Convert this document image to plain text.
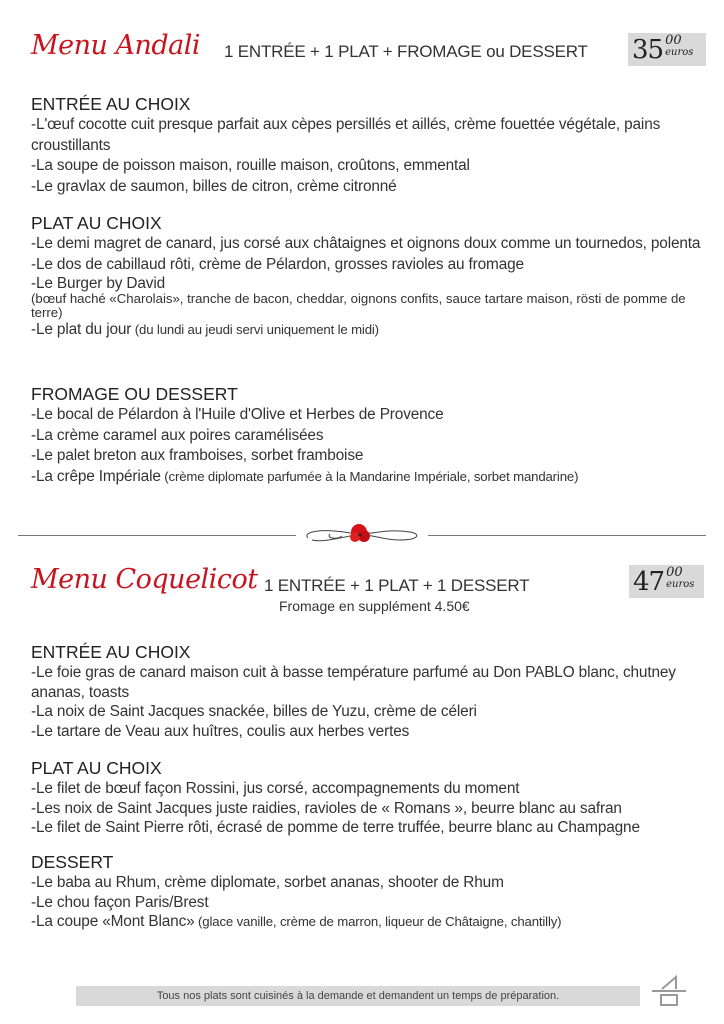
Menu Andali 1 ENTRÉE + 1 PLAT + FROMAGE ou DESSERT 35 00
euros
ENTRÉE AU CHOIX
-L'œuf cocotte cuit presque parfait aux cèpes persillés et aillés, crème fouettée végétale, pains croustillants
-La soupe de poisson maison, rouille maison, croûtons, emmental
-Le gravlax de saumon, billes de citron, crème citronné
PLAT AU CHOIX
-Le demi magret de canard, jus corsé aux châtaignes et oignons doux comme un tournedos, polenta
-Le dos de cabillaud rôti, crème de Pélardon, grosses ravioles au fromage
-Le Burger by David
(bœuf haché «Charolais», tranche de bacon, cheddar, oignons confits, sauce tartare maison, rösti de pomme de terre)
-Le plat du jour (du lundi au jeudi servi uniquement le midi)
FROMAGE OU DESSERT
-Le bocal de Pélardon à l'Huile d'Olive et Herbes de Provence
-La crème caramel aux poires caramélisées
-Le palet breton aux framboises, sorbet framboise
-La crêpe Impériale (crème diplomate parfumée à la Mandarine Impériale, sorbet mandarine)
Menu Coquelicot 1 ENTRÉE + 1 PLAT + 1 DESSERT
Fromage en supplément 4.50€
47 00
euros
ENTRÉE AU CHOIX
-Le foie gras de canard maison cuit à basse température parfumé au Don PABLO blanc, chutney ananas, toasts
-La noix de Saint Jacques snackée, billes de Yuzu, crème de céleri
-Le tartare de Veau aux huîtres, coulis aux herbes vertes
PLAT AU CHOIX
-Le filet de bœuf façon Rossini, jus corsé, accompagnements du moment
-Les noix de Saint Jacques juste raidies, ravioles de « Romans », beurre blanc au safran
-Le filet de Saint Pierre rôti, écrasé de pomme de terre truffée, beurre blanc au Champagne
DESSERT
-Le baba au Rhum, crème diplomate, sorbet ananas, shooter de Rhum
-Le chou façon Paris/Brest
-La coupe «Mont Blanc» (glace vanille, crème de marron, liqueur de Châtaigne, chantilly)
Tous nos plats sont cuisinés à la demande et demandent un temps de préparation.
